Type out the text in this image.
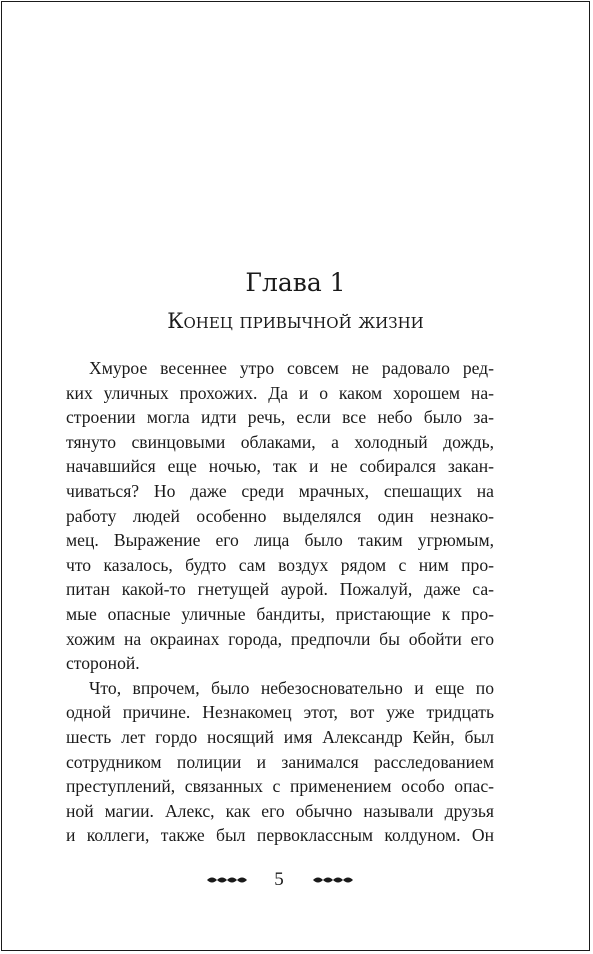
Глава 1
Конец привычной жизни
Хмурое весеннее утро совсем не радовало ред-
ких уличных прохожих. Да и о каком хорошем на-
строении могла идти речь, если все небо было за-
тянуто свинцовыми облаками, а холодный дождь,
начавшийся еще ночью, так и не собирался закан-
чиваться? Но даже среди мрачных, спешащих на
работу людей особенно выделялся один незнако-
мец. Выражение его лица было таким угрюмым,
что казалось, будто сам воздух рядом с ним про-
питан какой-то гнетущей аурой. Пожалуй, даже са-
мые опасные уличные бандиты, пристающие к про-
хожим на окраинах города, предпочли бы обойти его
стороной.
Что, впрочем, было небезосновательно и еще по
одной причине. Незнакомец этот, вот уже тридцать
шесть лет гордо носящий имя Александр Кейн, был
сотрудником полиции и занимался расследованием
преступлений, связанных с применением особо опас-
ной магии. Алекс, как его обычно называли друзья
и коллеги, также был первоклассным колдуном. Он
5
